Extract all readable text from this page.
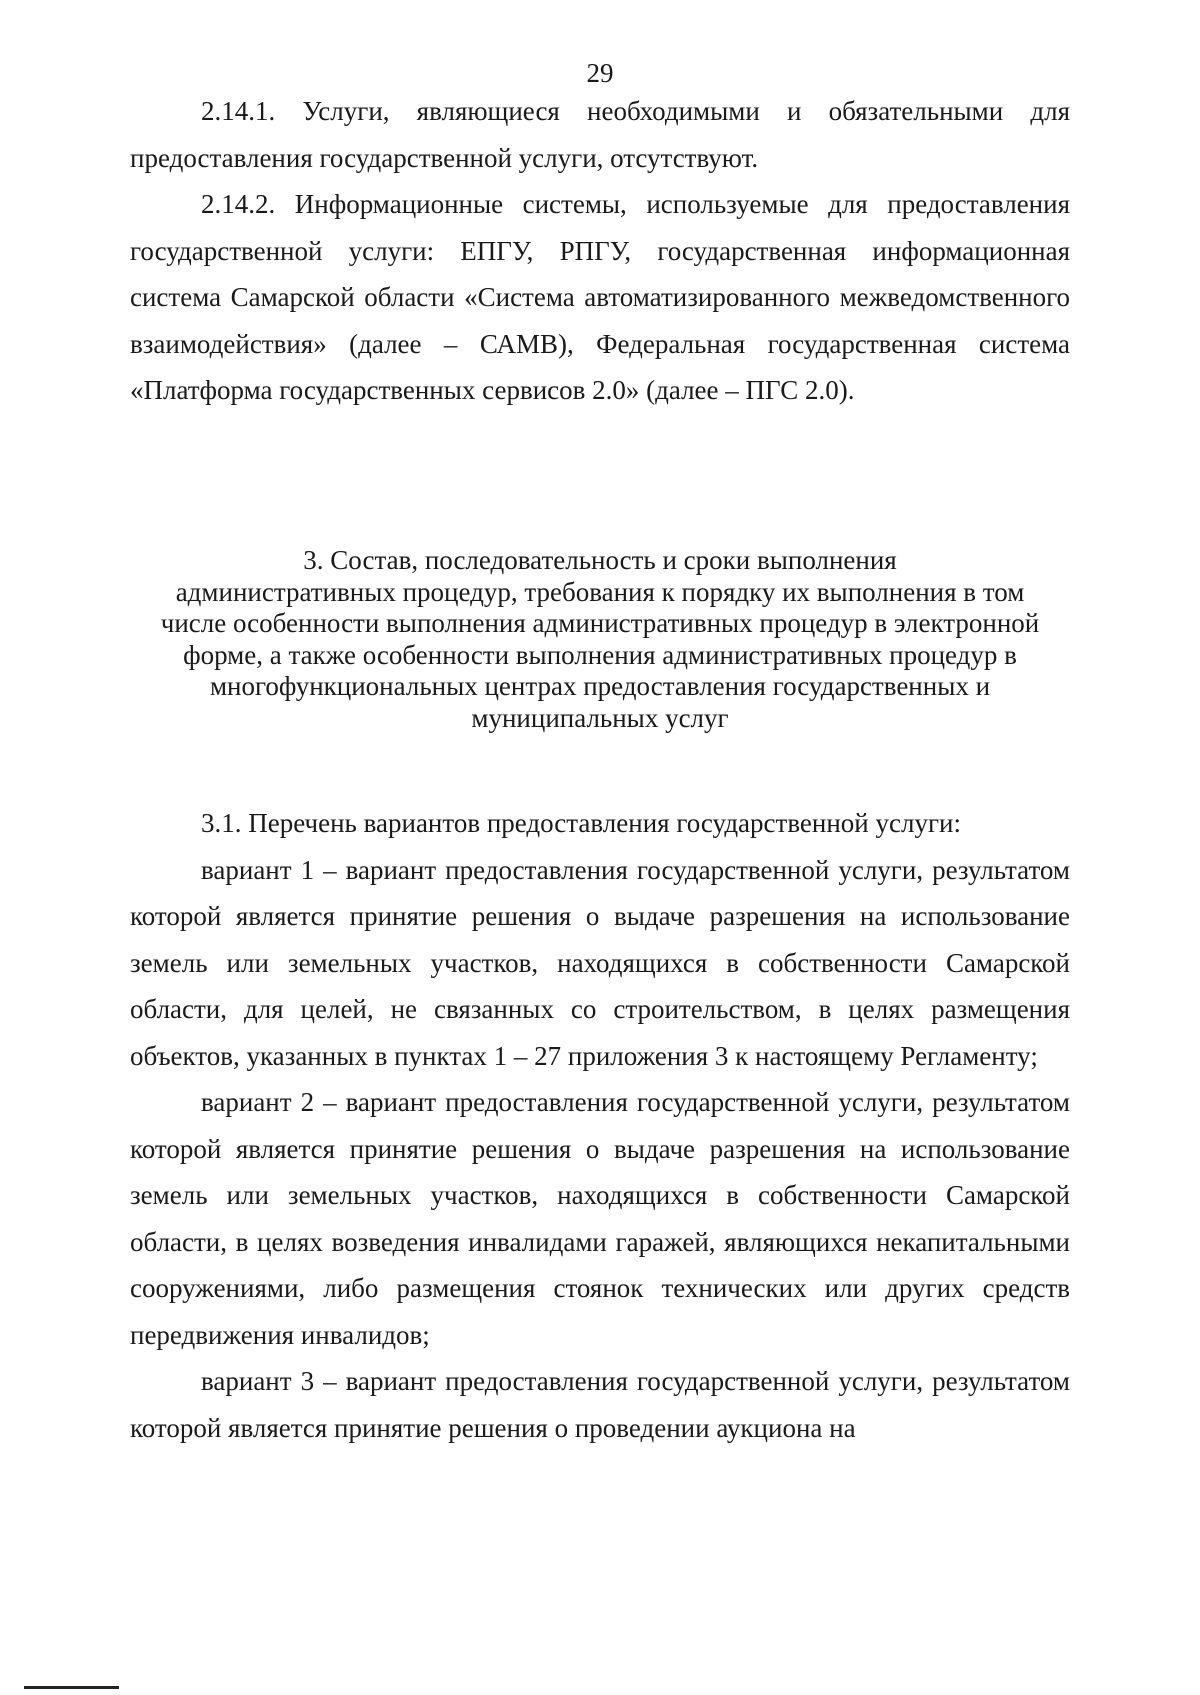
29

2.14.1. Услуги, являющиеся необходимыми и обязательными для предоставления государственной услуги, отсутствуют.

2.14.2. Информационные системы, используемые для предоставления государственной услуги: ЕПГУ, РПГУ, государственная информационная система Самарской области «Система автоматизированного межведомственного взаимодействия» (далее – САМВ), Федеральная государственная система «Платформа государственных сервисов 2.0» (далее – ПГС 2.0).

3. Состав, последовательность и сроки выполнения
административных процедур, требования к порядку их выполнения в том
числе особенности выполнения административных процедур в электронной
форме, а также особенности выполнения административных процедур в
многофункциональных центрах предоставления государственных и
муниципальных услуг

3.1. Перечень вариантов предоставления государственной услуги:

вариант 1 – вариант предоставления государственной услуги, результатом которой является принятие решения о выдаче разрешения на использование земель или земельных участков, находящихся в собственности Самарской области, для целей, не связанных со строительством, в целях размещения объектов, указанных в пунктах 1 – 27 приложения 3 к настоящему Регламенту;

вариант 2 – вариант предоставления государственной услуги, результатом которой является принятие решения о выдаче разрешения на использование земель или земельных участков, находящихся в собственности Самарской области, в целях возведения инвалидами гаражей, являющихся некапитальными сооружениями, либо размещения стоянок технических или других средств передвижения инвалидов;

вариант 3 – вариант предоставления государственной услуги, результатом которой является принятие решения о проведении аукциона на
